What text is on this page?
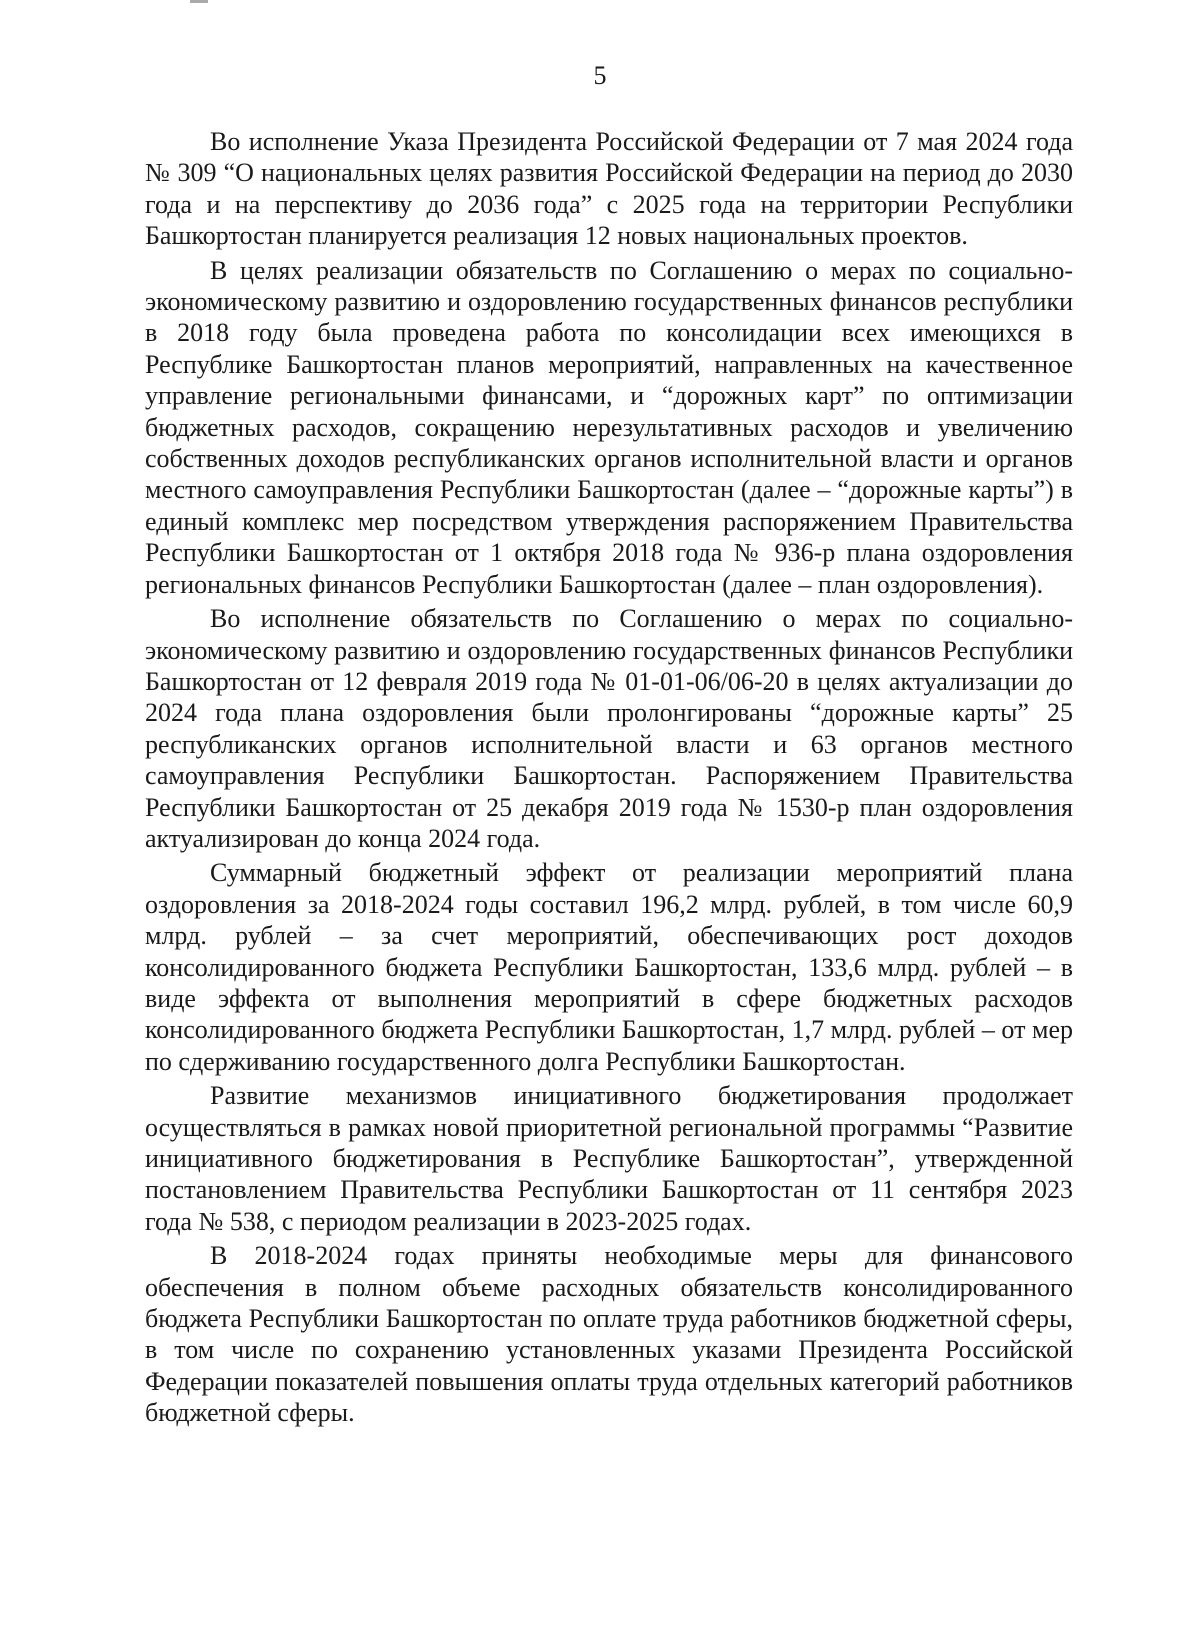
5

Во исполнение Указа Президента Российской Федерации от 7 мая 2024 года № 309 “О национальных целях развития Российской Федерации на период до 2030 года и на перспективу до 2036 года” с 2025 года на территории Республики Башкортостан планируется реализация 12 новых национальных проектов.

В целях реализации обязательств по Соглашению о мерах по социально-экономическому развитию и оздоровлению государственных финансов республики в 2018 году была проведена работа по консолидации всех имеющихся в Республике Башкортостан планов мероприятий, направленных на качественное управление региональными финансами, и “дорожных карт” по оптимизации бюджетных расходов, сокращению нерезультативных расходов и увеличению собственных доходов республиканских органов исполнительной власти и органов местного самоуправления Республики Башкортостан (далее – “дорожные карты”) в единый комплекс мер посредством утверждения распоряжением Правительства Республики Башкортостан от 1 октября 2018 года № 936-р плана оздоровления региональных финансов Республики Башкортостан (далее – план оздоровления).

Во исполнение обязательств по Соглашению о мерах по социально-экономическому развитию и оздоровлению государственных финансов Республики Башкортостан от 12 февраля 2019 года № 01-01-06/06-20 в целях актуализации до 2024 года плана оздоровления были пролонгированы “дорожные карты” 25 республиканских органов исполнительной власти и 63 органов местного самоуправления Республики Башкортостан. Распоряжением Правительства Республики Башкортостан от 25 декабря 2019 года № 1530-р план оздоровления актуализирован до конца 2024 года.

Суммарный бюджетный эффект от реализации мероприятий плана оздоровления за 2018-2024 годы составил 196,2 млрд. рублей, в том числе 60,9 млрд. рублей – за счет мероприятий, обеспечивающих рост доходов консолидированного бюджета Республики Башкортостан, 133,6 млрд. рублей – в виде эффекта от выполнения мероприятий в сфере бюджетных расходов консолидированного бюджета Республики Башкортостан, 1,7 млрд. рублей – от мер по сдерживанию государственного долга Республики Башкортостан.

Развитие механизмов инициативного бюджетирования продолжает осуществляться в рамках новой приоритетной региональной программы “Развитие инициативного бюджетирования в Республике Башкортостан”, утвержденной постановлением Правительства Республики Башкортостан от 11 сентября 2023 года № 538, с периодом реализации в 2023-2025 годах.

В 2018-2024 годах приняты необходимые меры для финансового обеспечения в полном объеме расходных обязательств консолидированного бюджета Республики Башкортостан по оплате труда работников бюджетной сферы, в том числе по сохранению установленных указами Президента Российской Федерации показателей повышения оплаты труда отдельных категорий работников бюджетной сферы.
